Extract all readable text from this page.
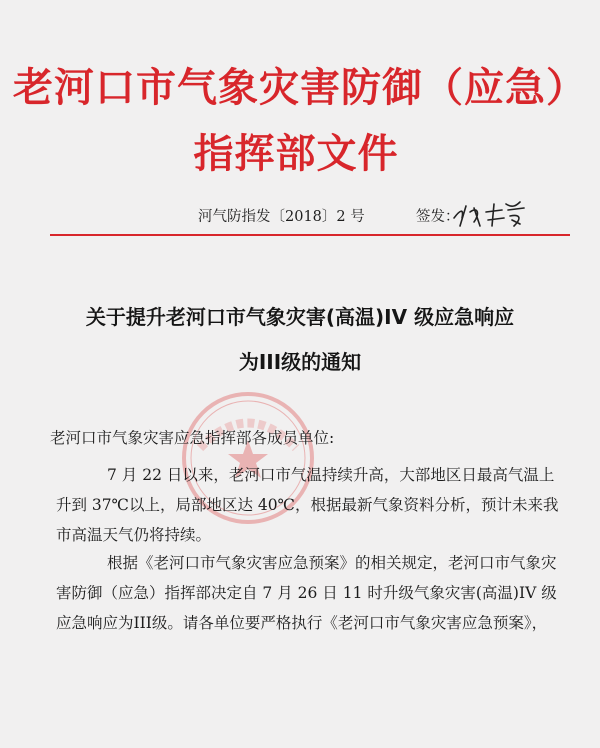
老河口市气象灾害防御（应急）
指挥部文件
河气防指发〔2018〕2 号	签发：
关于提升老河口市气象灾害(高温)IV 级应急响应
为III级的通知
老河口市气象灾害应急指挥部各成员单位:
7 月 22 日以来，老河口市气温持续升高，大部地区日最高气温上
升到 37℃以上，局部地区达 40℃，根据最新气象资料分析，预计未来我
市高温天气仍将持续。
根据《老河口市气象灾害应急预案》的相关规定，老河口市气象灾
害防御（应急）指挥部决定自 7 月 26 日 11 时升级气象灾害(高温)IV 级
应急响应为III级。请各单位要严格执行《老河口市气象灾害应急预案》，
